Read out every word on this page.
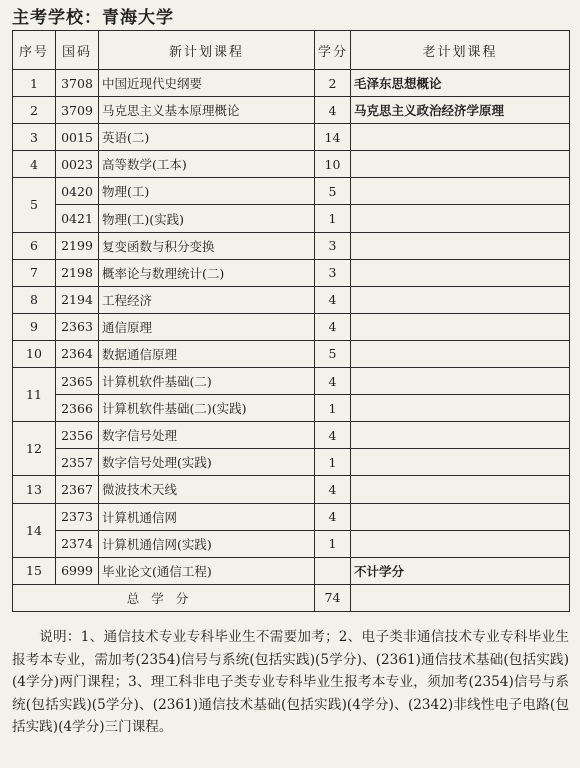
主考学校：青海大学
序号	国码	新计划课程	学分	老计划课程
1	3708	中国近现代史纲要	2	毛泽东思想概论
2	3709	马克思主义基本原理概论	4	马克思主义政治经济学原理
3	0015	英语(二)	14	
4	0023	高等数学(工本)	10	
5	0420	物理(工)	5	
	0421	物理(工)(实践)	1	
6	2199	复变函数与积分变换	3	
7	2198	概率论与数理统计(二)	3	
8	2194	工程经济	4	
9	2363	通信原理	4	
10	2364	数据通信原理	5	
11	2365	计算机软件基础(二)	4	
	2366	计算机软件基础(二)(实践)	1	
12	2356	数字信号处理	4	
	2357	数字信号处理(实践)	1	
13	2367	微波技术天线	4	
14	2373	计算机通信网	4	
	2374	计算机通信网(实践)	1	
15	6999	毕业论文(通信工程)		不计学分
总学分			74	
说明：1、通信技术专业专科毕业生不需要加考；2、电子类非通信技术专业专科毕业生报考本专业，需加考(2354)信号与系统(包括实践)(5学分)、(2361)通信技术基础(包括实践)(4学分)两门课程；3、理工科非电子类专业专科毕业生报考本专业，须加考(2354)信号与系统(包括实践)(5学分)、(2361)通信技术基础(包括实践)(4学分)、(2342)非线性电子电路(包括实践)(4学分)三门课程。
